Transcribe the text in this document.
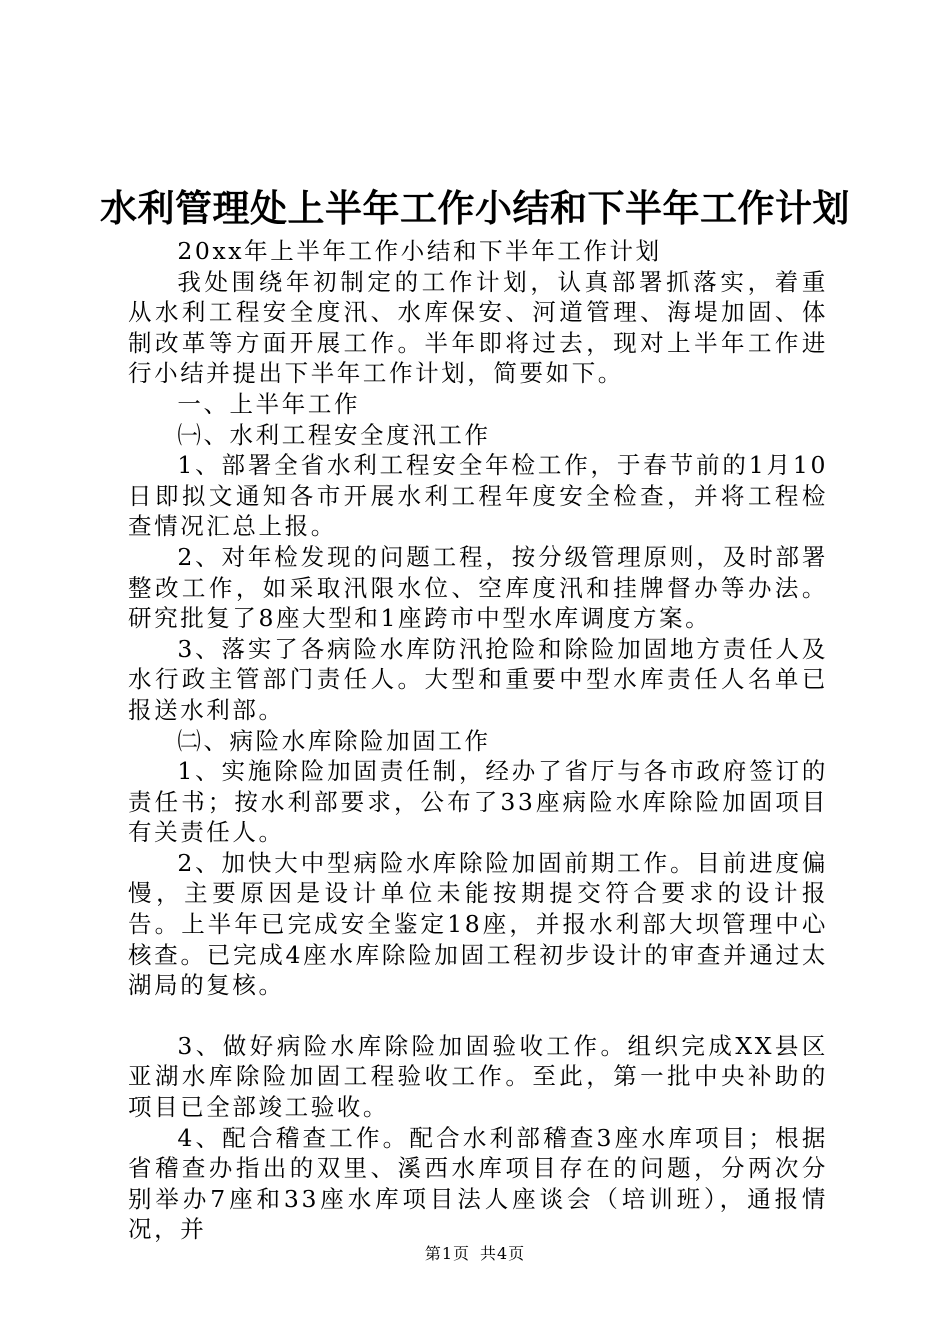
水利管理处上半年工作小结和下半年工作计划

20xx年上半年工作小结和下半年工作计划

我处围绕年初制定的工作计划，认真部署抓落实，着重从水利工程安全度汛、水库保安、河道管理、海堤加固、体制改革等方面开展工作。半年即将过去，现对上半年工作进行小结并提出下半年工作计划，简要如下。

一、上半年工作

㈠、水利工程安全度汛工作

1、部署全省水利工程安全年检工作，于春节前的1月10日即拟文通知各市开展水利工程年度安全检查，并将工程检查情况汇总上报。

2、对年检发现的问题工程，按分级管理原则，及时部署整改工作，如采取汛限水位、空库度汛和挂牌督办等办法。研究批复了8座大型和1座跨市中型水库调度方案。

3、落实了各病险水库防汛抢险和除险加固地方责任人及水行政主管部门责任人。大型和重要中型水库责任人名单已报送水利部。

㈡、病险水库除险加固工作

1、实施除险加固责任制，经办了省厅与各市政府签订的责任书；按水利部要求，公布了33座病险水库除险加固项目有关责任人。

2、加快大中型病险水库除险加固前期工作。目前进度偏慢，主要原因是设计单位未能按期提交符合要求的设计报告。上半年已完成安全鉴定18座，并报水利部大坝管理中心核查。已完成4座水库除险加固工程初步设计的审查并通过太湖局的复核。

3、做好病险水库除险加固验收工作。组织完成XX县区亚湖水库除险加固工程验收工作。至此，第一批中央补助的项目已全部竣工验收。

4、配合稽查工作。配合水利部稽查3座水库项目；根据省稽查办指出的双里、溪西水库项目存在的问题，分两次分别举办7座和33座水库项目法人座谈会（培训班），通报情况，并

第1页 共4页
